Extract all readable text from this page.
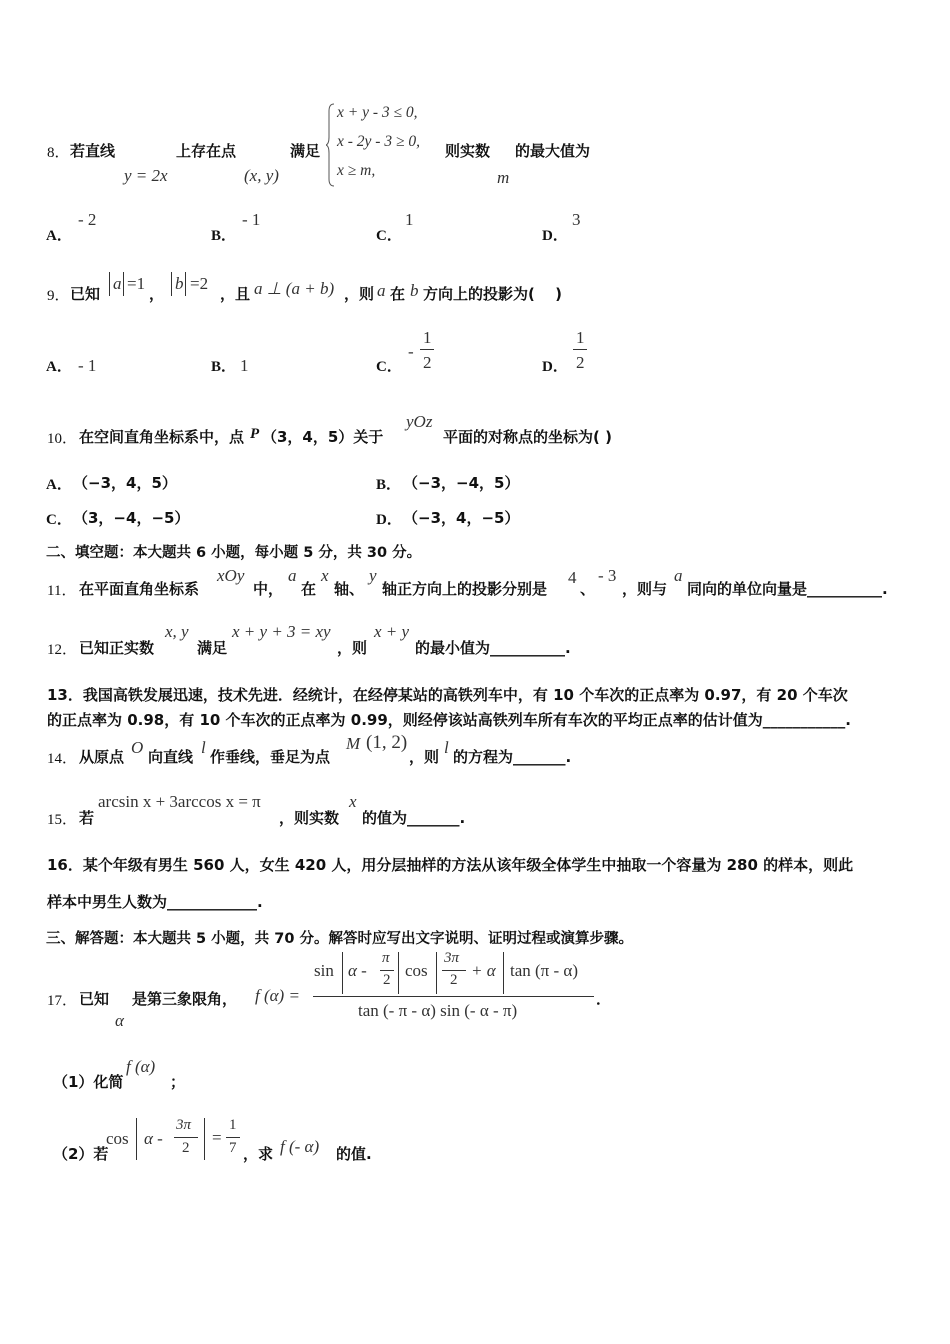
8． 若直线
y = 2x
上存在点
(x, y)
满足
x + y - 3 ≤ 0,
x - 2y - 3 ≥ 0,
x ≥ m,
则实数
m
的最大值为
A．
- 2
B．
- 1
C．
1
D．
3
9． 已知
a =1
，
b =2
，且 a ⊥ (a + b) ，则 a 在 b 方向上的投影为(　 )
A． - 1	B． 1	C．
-
1
2	D．
1
2
10． 在空间直角坐标系中，点 P （3，4，5）关于
yOz
平面的对称点的坐标为( )
A． （−3，4，5）	B． （−3，−4，5）
C． （3，−4，−5）	D． （−3，4，−5）
二、填空题：本大题共 6 小题，每小题 5 分，共 30 分。
11． 在平面直角坐标系
xOy
中，
a
在
x
轴、
y
轴正方向上的投影分别是
4
、
- 3
，则与
a
同向的单位向量是__________.
12． 已知正实数
x, y
满足
x + y + 3 = xy
，则
x + y
的最小值为__________.
13．我国高铁发展迅速，技术先进．经统计，在经停某站的高铁列车中，有 10 个车次的正点率为 0.97，有 20 个车次
的正点率为 0.98，有 10 个车次的正点率为 0.99，则经停该站高铁列车所有车次的平均正点率的估计值为___________.
14． 从原点 O 向直线 l 作垂线，垂足为点
M (1, 2)
，则 l 的方程为_______.
15． 若
arcsin x + 3arccos x = π
，则实数
x
的值为_______.
16．某个年级有男生 560 人，女生 420 人，用分层抽样的方法从该年级全体学生中抽取一个容量为 280 的样本，则此
样本中男生人数为____________.
三、解答题：本大题共 5 小题，共 70 分。解答时应写出文字说明、证明过程或演算步骤。
17． 已知
α
是第三象限角， f (α) =
sin α -
π
2 cos
3π
2 + α tan (π - α)
tan (- π - α) sin (- α - π)
．
（1）化简
f (α)
；
（2）若
cos α -
3π
2
=
1
7 ，求 f (- α) 的值.
